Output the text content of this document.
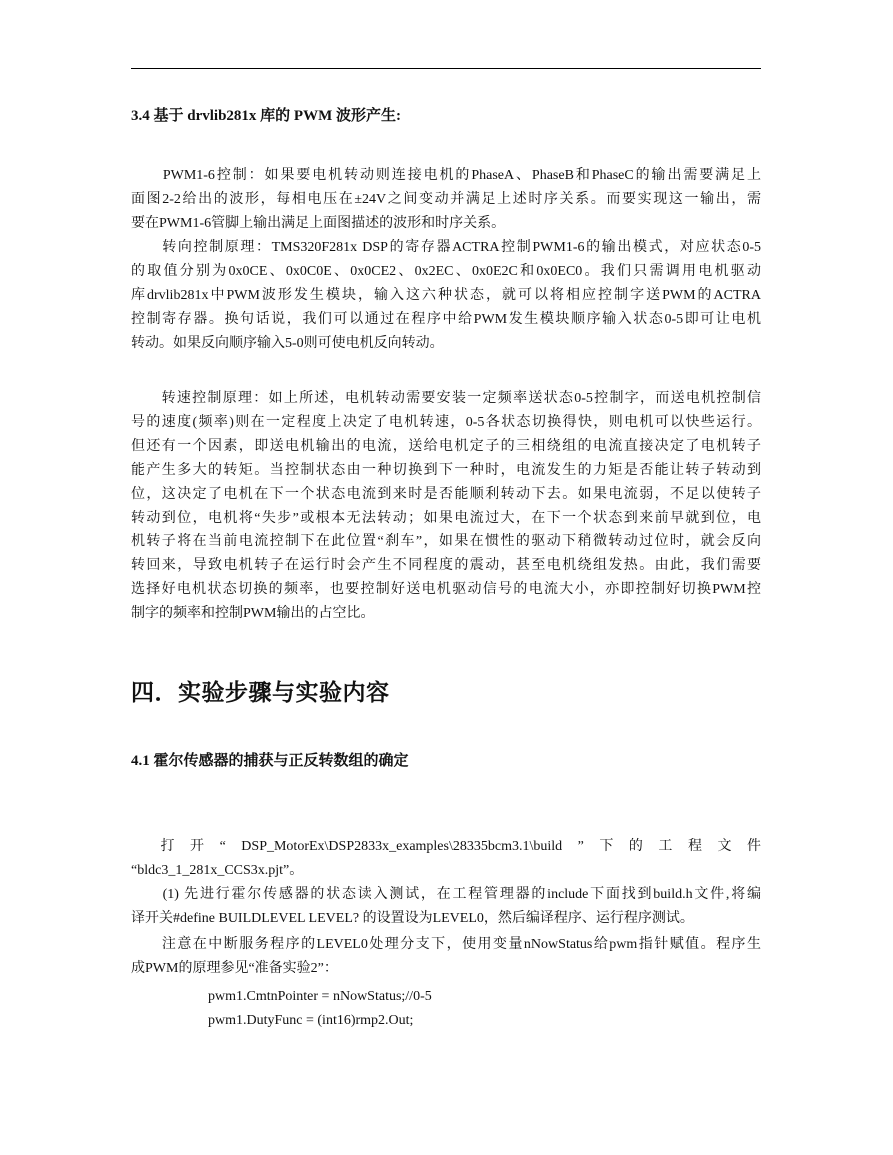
3.4 基于 drvlib281x 库的 PWM 波形产生:

　　PWM1-6控制：如果要电机转动则连接电机的PhaseA、PhaseB和PhaseC的输出需要满足上
面图2-2给出的波形，每相电压在±24V之间变动并满足上述时序关系。而要实现这一输出，需
要在PWM1-6管脚上输出满足上面图描述的波形和时序关系。

　　转向控制原理：TMS320F281x DSP的寄存器ACTRA控制PWM1-6的输出模式，对应状态0-5
的取值分别为0x0CE、0x0C0E、0x0CE2、0x2EC、0x0E2C和0x0EC0。我们只需调用电机驱动
库drvlib281x中PWM波形发生模块，输入这六种状态，就可以将相应控制字送PWM的ACTRA
控制寄存器。换句话说，我们可以通过在程序中给PWM发生模块顺序输入状态0-5即可让电机
转动。如果反向顺序输入5-0则可使电机反向转动。

　　转速控制原理：如上所述，电机转动需要安装一定频率送状态0-5控制字，而送电机控制信
号的速度(频率)则在一定程度上决定了电机转速，0-5各状态切换得快，则电机可以快些运行。
但还有一个因素，即送电机输出的电流，送给电机定子的三相绕组的电流直接决定了电机转子
能产生多大的转矩。当控制状态由一种切换到下一种时，电流发生的力矩是否能让转子转动到
位，这决定了电机在下一个状态电流到来时是否能顺利转动下去。如果电流弱，不足以使转子
转动到位，电机将“失步”或根本无法转动；如果电流过大，在下一个状态到来前早就到位，电
机转子将在当前电流控制下在此位置“刹车”，如果在惯性的驱动下稍微转动过位时，就会反向
转回来，导致电机转子在运行时会产生不同程度的震动，甚至电机绕组发热。由此，我们需要
选择好电机状态切换的频率，也要控制好送电机驱动信号的电流大小，亦即控制好切换PWM控
制字的频率和控制PWM输出的占空比。

四．实验步骤与实验内容
4.1 霍尔传感器的捕获与正反转数组的确定

　　打　开　“　DSP_MotorEx\DSP2833x_examples\28335bcm3.1\build　”　下　的　工　程　文　件
“bldc3_1_281x_CCS3x.pjt”。

　　(1) 先进行霍尔传感器的状态读入测试，在工程管理器的include下面找到build.h文件,将编
译开关#define BUILDLEVEL LEVEL? 的设置设为LEVEL0，然后编译程序、运行程序测试。

　　注意在中断服务程序的LEVEL0处理分支下，使用变量nNowStatus给pwm指针赋值。程序生
成PWM的原理参见“准备实验2”：

pwm1.CmtnPointer = nNowStatus;//0-5
pwm1.DutyFunc = (int16)rmp2.Out;
